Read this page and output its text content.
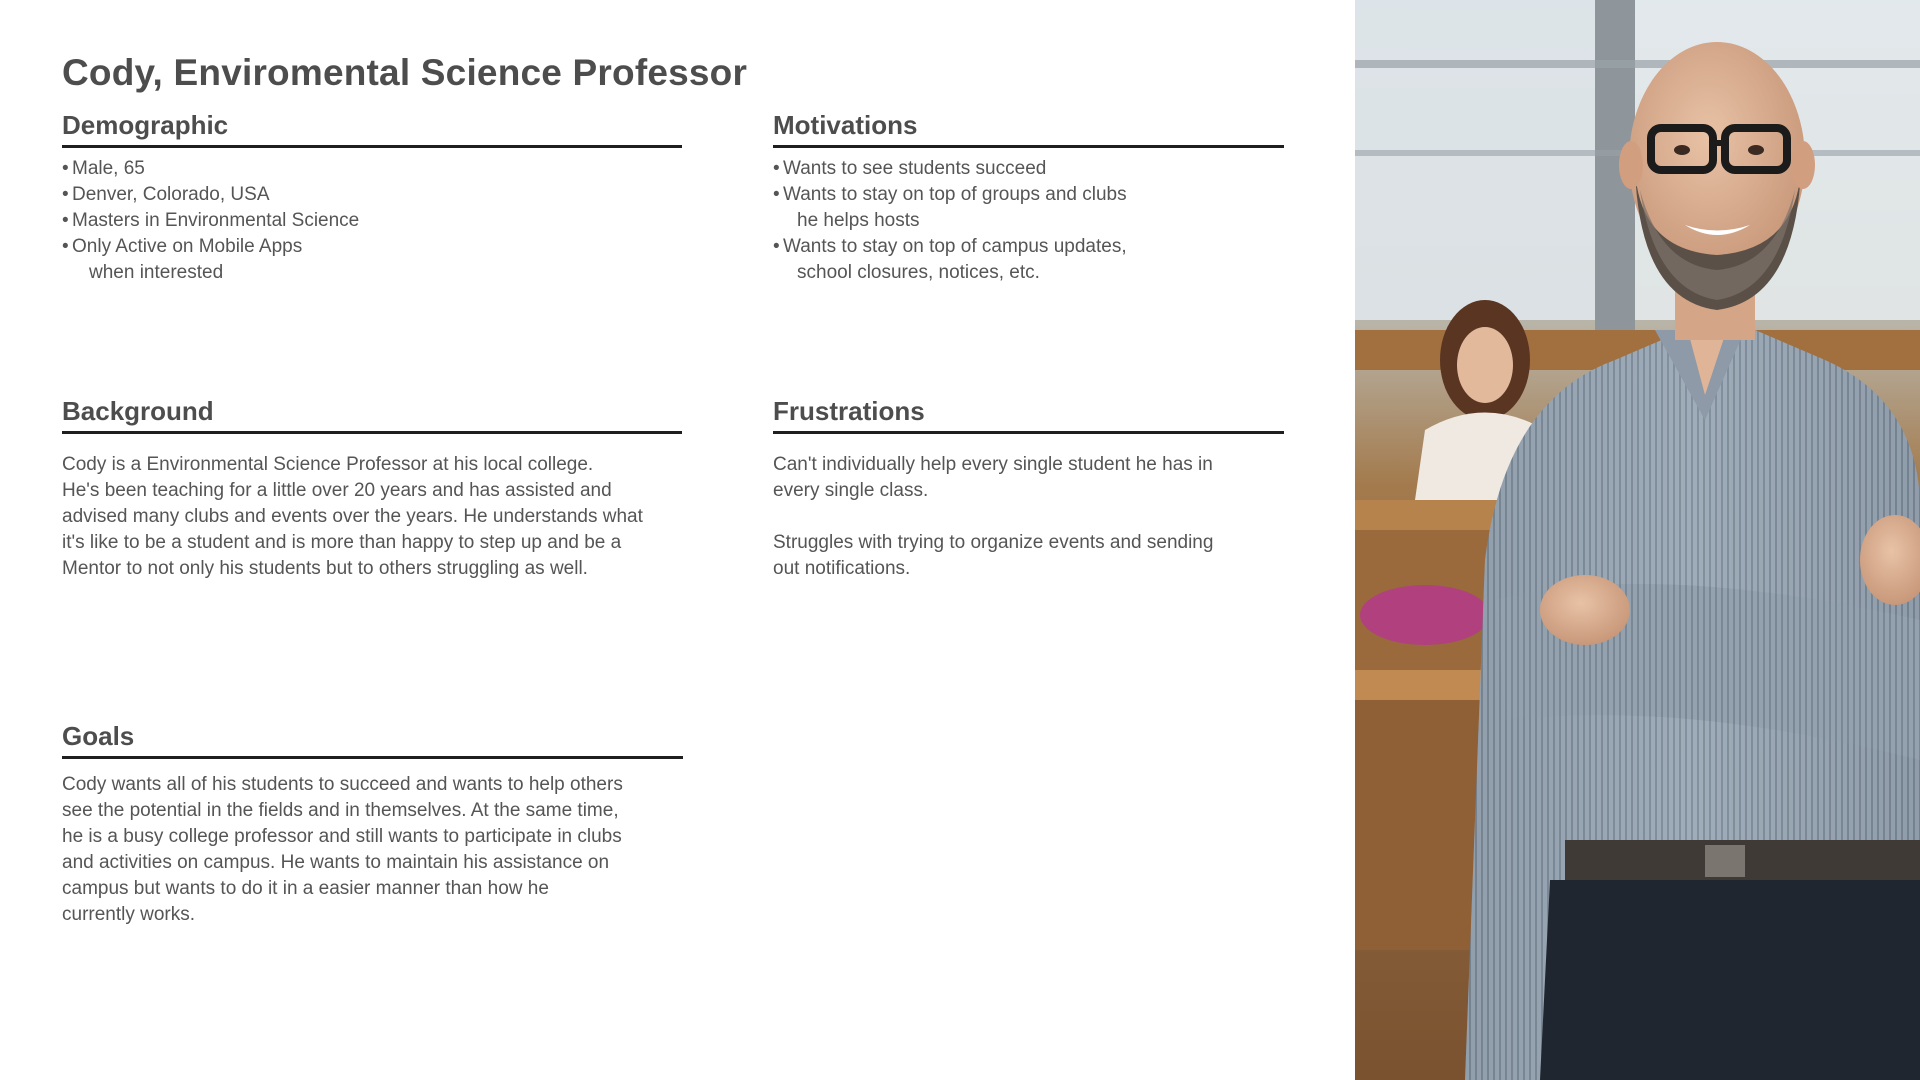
Cody, Enviromental Science Professor
Demographic
• Male, 65
• Denver, Colorado, USA
• Masters in Environmental Science
• Only Active on Mobile Apps
when interested
Motivations
• Wants to see students succeed
• Wants to stay on top of groups and clubs
he helps hosts
• Wants to stay on top of campus updates,
school closures, notices, etc.
Background
Cody is a Environmental Science Professor at his local college.
He's been teaching for a little over 20 years and has assisted and
advised many clubs and events over the years. He understands what
it's like to be a student and is more than happy to step up and be a
Mentor to not only his students but to others struggling as well.
Frustrations
Can't individually help every single student he has in
every single class.
Struggles with trying to organize events and sending
out notifications.
Goals
Cody wants all of his students to succeed and wants to help others
see the potential in the fields and in themselves. At the same time,
he is a busy college professor and still wants to participate in clubs
and activities on campus. He wants to maintain his assistance on
campus but wants to do it in a easier manner than how he
currently works.
